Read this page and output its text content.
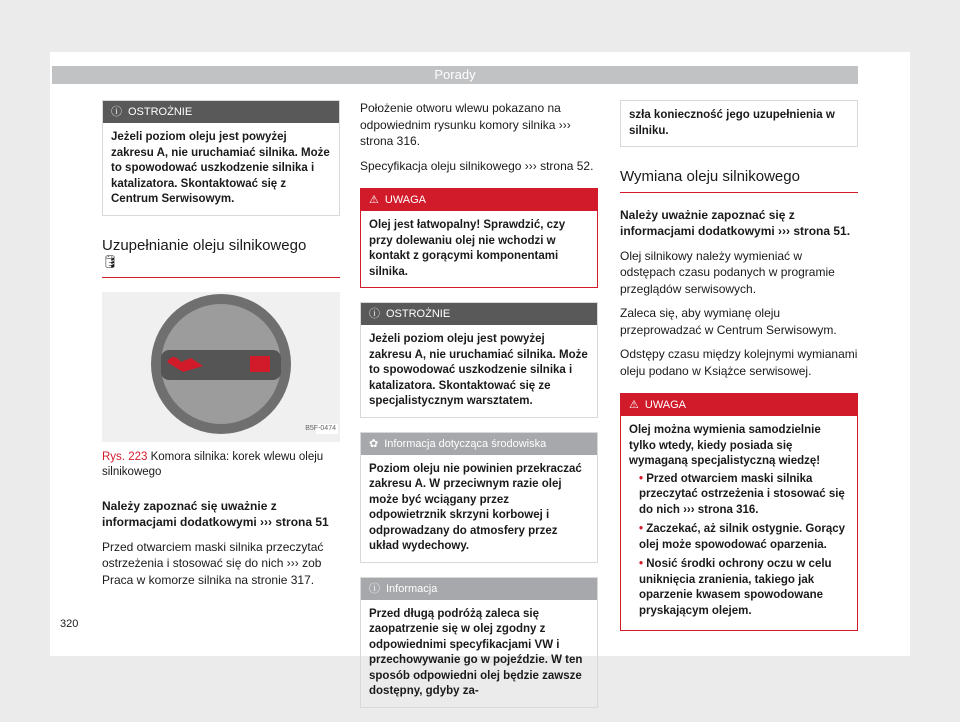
Porady
ⓘ OSTROŻNIE
Jeżeli poziom oleju jest powyżej zakresu A, nie uruchamiać silnika. Może to spowodować uszkodzenie silnika i katalizatora. Skontaktować się z Centrum Serwisowym.
Uzupełnianie oleju silnikowego
🛢
B5F-0474
Rys. 223 Komora silnika: korek wlewu oleju silnikowego

Należy zapoznać się uważnie z informacjami dodatkowymi ››› strona 51

Przed otwarciem maski silnika przeczytać ostrzeżenia i stosować się do nich ››› zob Praca w komorze silnika na stronie 317.

Położenie otworu wlewu pokazano na odpowiednim rysunku komory silnika ››› strona 316.

Specyfikacja oleju silnikowego ››› strona 52.

⚠ UWAGA
Olej jest łatwopalny! Sprawdzić, czy przy dolewaniu olej nie wchodzi w kontakt z gorącymi komponentami silnika.
ⓘ OSTROŻNIE
Jeżeli poziom oleju jest powyżej zakresu A, nie uruchamiać silnika. Może to spowodować uszkodzenie silnika i katalizatora. Skontaktować się ze specjalistycznym warsztatem.
✿ Informacja dotycząca środowiska
Poziom oleju nie powinien przekraczać zakresu A. W przeciwnym razie olej może być wciągany przez odpowietrznik skrzyni korbowej i odprowadzany do atmosfery przez układ wydechowy.
ⓘ Informacja
Przed długą podróżą zaleca się zaopatrzenie się w olej zgodny z odpowiednimi specyfikacjami VW i przechowywanie go w pojeździe. W ten sposób odpowiedni olej będzie zawsze dostępny, gdyby za-
szła konieczność jego uzupełnienia w silniku.
Wymiana oleju silnikowego

Należy uważnie zapoznać się z informacjami dodatkowymi ››› strona 51.

Olej silnikowy należy wymieniać w odstępach czasu podanych w programie przeglądów serwisowych.

Zaleca się, aby wymianę oleju przeprowadzać w Centrum Serwisowym.

Odstępy czasu między kolejnymi wymianami oleju podano w Książce serwisowej.

⚠ UWAGA
Olej można wymienia samodzielnie tylko wtedy, kiedy posiada się wymaganą specjalistyczną wiedzę!
• Przed otwarciem maski silnika przeczytać ostrzeżenia i stosować się do nich ››› strona 316.
• Zaczekać, aż silnik ostygnie. Gorący olej może spowodować oparzenia.
• Nosić środki ochrony oczu w celu uniknięcia zranienia, takiego jak oparzenie kwasem spowodowane pryskającym olejem.
320
